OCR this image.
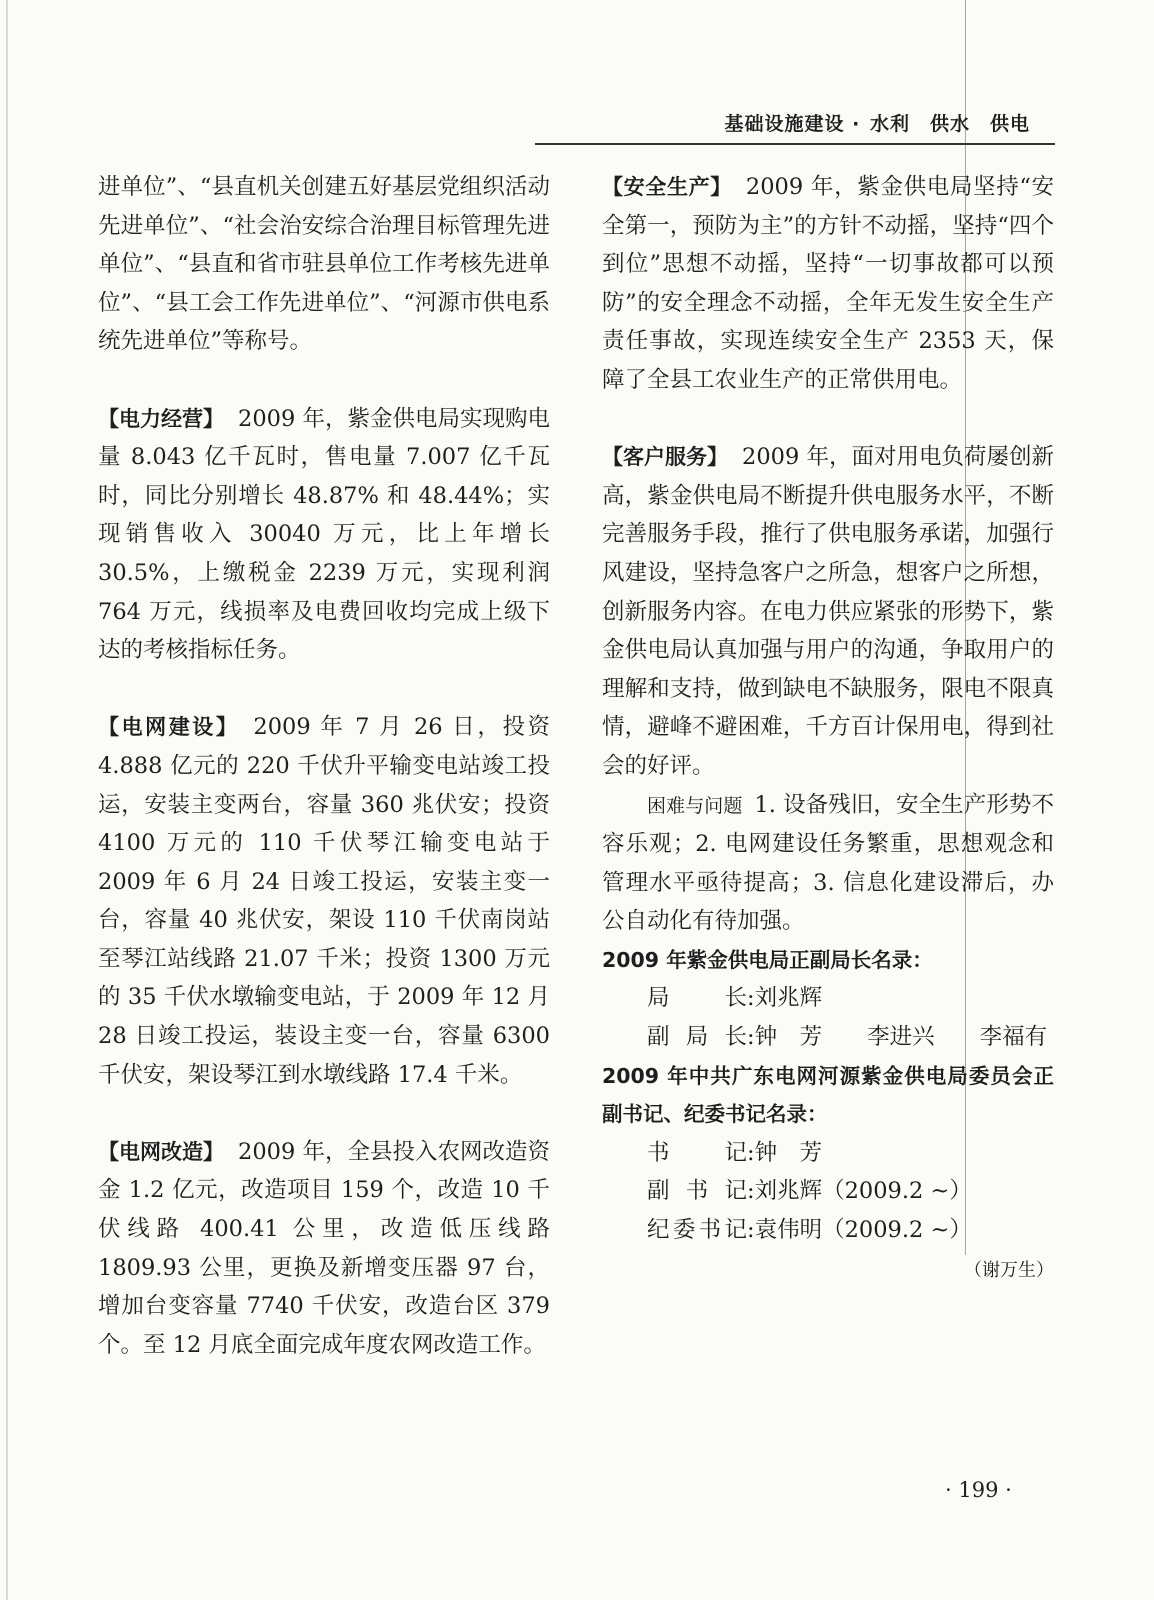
基础设施建设 · 水利　供水　供电

进单位”、“县直机关创建五好基层党组织活动先进单位”、“社会治安综合治理目标管理先进单位”、“县直和省市驻县单位工作考核先进单位”、“县工会工作先进单位”、“河源市供电系统先进单位”等称号。

【电力经营】 2009 年，紫金供电局实现购电量 8.043 亿千瓦时，售电量 7.007 亿千瓦时，同比分别增长 48.87% 和 48.44%；实现销售收入 30040 万元，比上年增长 30.5%，上缴税金 2239 万元，实现利润 764 万元，线损率及电费回收均完成上级下达的考核指标任务。

【电网建设】 2009 年 7 月 26 日，投资 4.888 亿元的 220 千伏升平输变电站竣工投运，安装主变两台，容量 360 兆伏安；投资 4100 万元的 110 千伏琴江输变电站于 2009 年 6 月 24 日竣工投运，安装主变一台，容量 40 兆伏安，架设 110 千伏南岗站至琴江站线路 21.07 千米；投资 1300 万元的 35 千伏水墩输变电站，于 2009 年 12 月 28 日竣工投运，装设主变一台，容量 6300 千伏安，架设琴江到水墩线路 17.4 千米。

【电网改造】 2009 年，全县投入农网改造资金 1.2 亿元，改造项目 159 个，改造 10 千伏线路 400.41 公里，改造低压线路 1809.93 公里，更换及新增变压器 97 台，增加台变容量 7740 千伏安，改造台区 379 个。至 12 月底全面完成年度农网改造工作。

【安全生产】 2009 年，紫金供电局坚持“安全第一，预防为主”的方针不动摇，坚持“四个到位”思想不动摇，坚持“一切事故都可以预防”的安全理念不动摇，全年无发生安全生产责任事故，实现连续安全生产 2353 天，保障了全县工农业生产的正常供用电。

【客户服务】 2009 年，面对用电负荷屡创新高，紫金供电局不断提升供电服务水平，不断完善服务手段，推行了供电服务承诺，加强行风建设，坚持急客户之所急，想客户之所想，创新服务内容。在电力供应紧张的形势下，紫金供电局认真加强与用户的沟通，争取用户的理解和支持，做到缺电不缺服务，限电不限真情，避峰不避困难，千方百计保用电，得到社会的好评。

困难与问题 1. 设备残旧，安全生产形势不容乐观；2. 电网建设任务繁重，思想观念和管理水平亟待提高；3. 信息化建设滞后，办公自动化有待加强。

2009 年紫金供电局正副局长名录：

局长:刘兆辉

副局长:钟　芳　　李进兴　　李福有

2009 年中共广东电网河源紫金供电局委员会正副书记、纪委书记名录：

书记:钟　芳

副书记:刘兆辉（2009.2 ~）

纪委书记:袁伟明（2009.2 ~）

（谢万生）

· 199 ·
